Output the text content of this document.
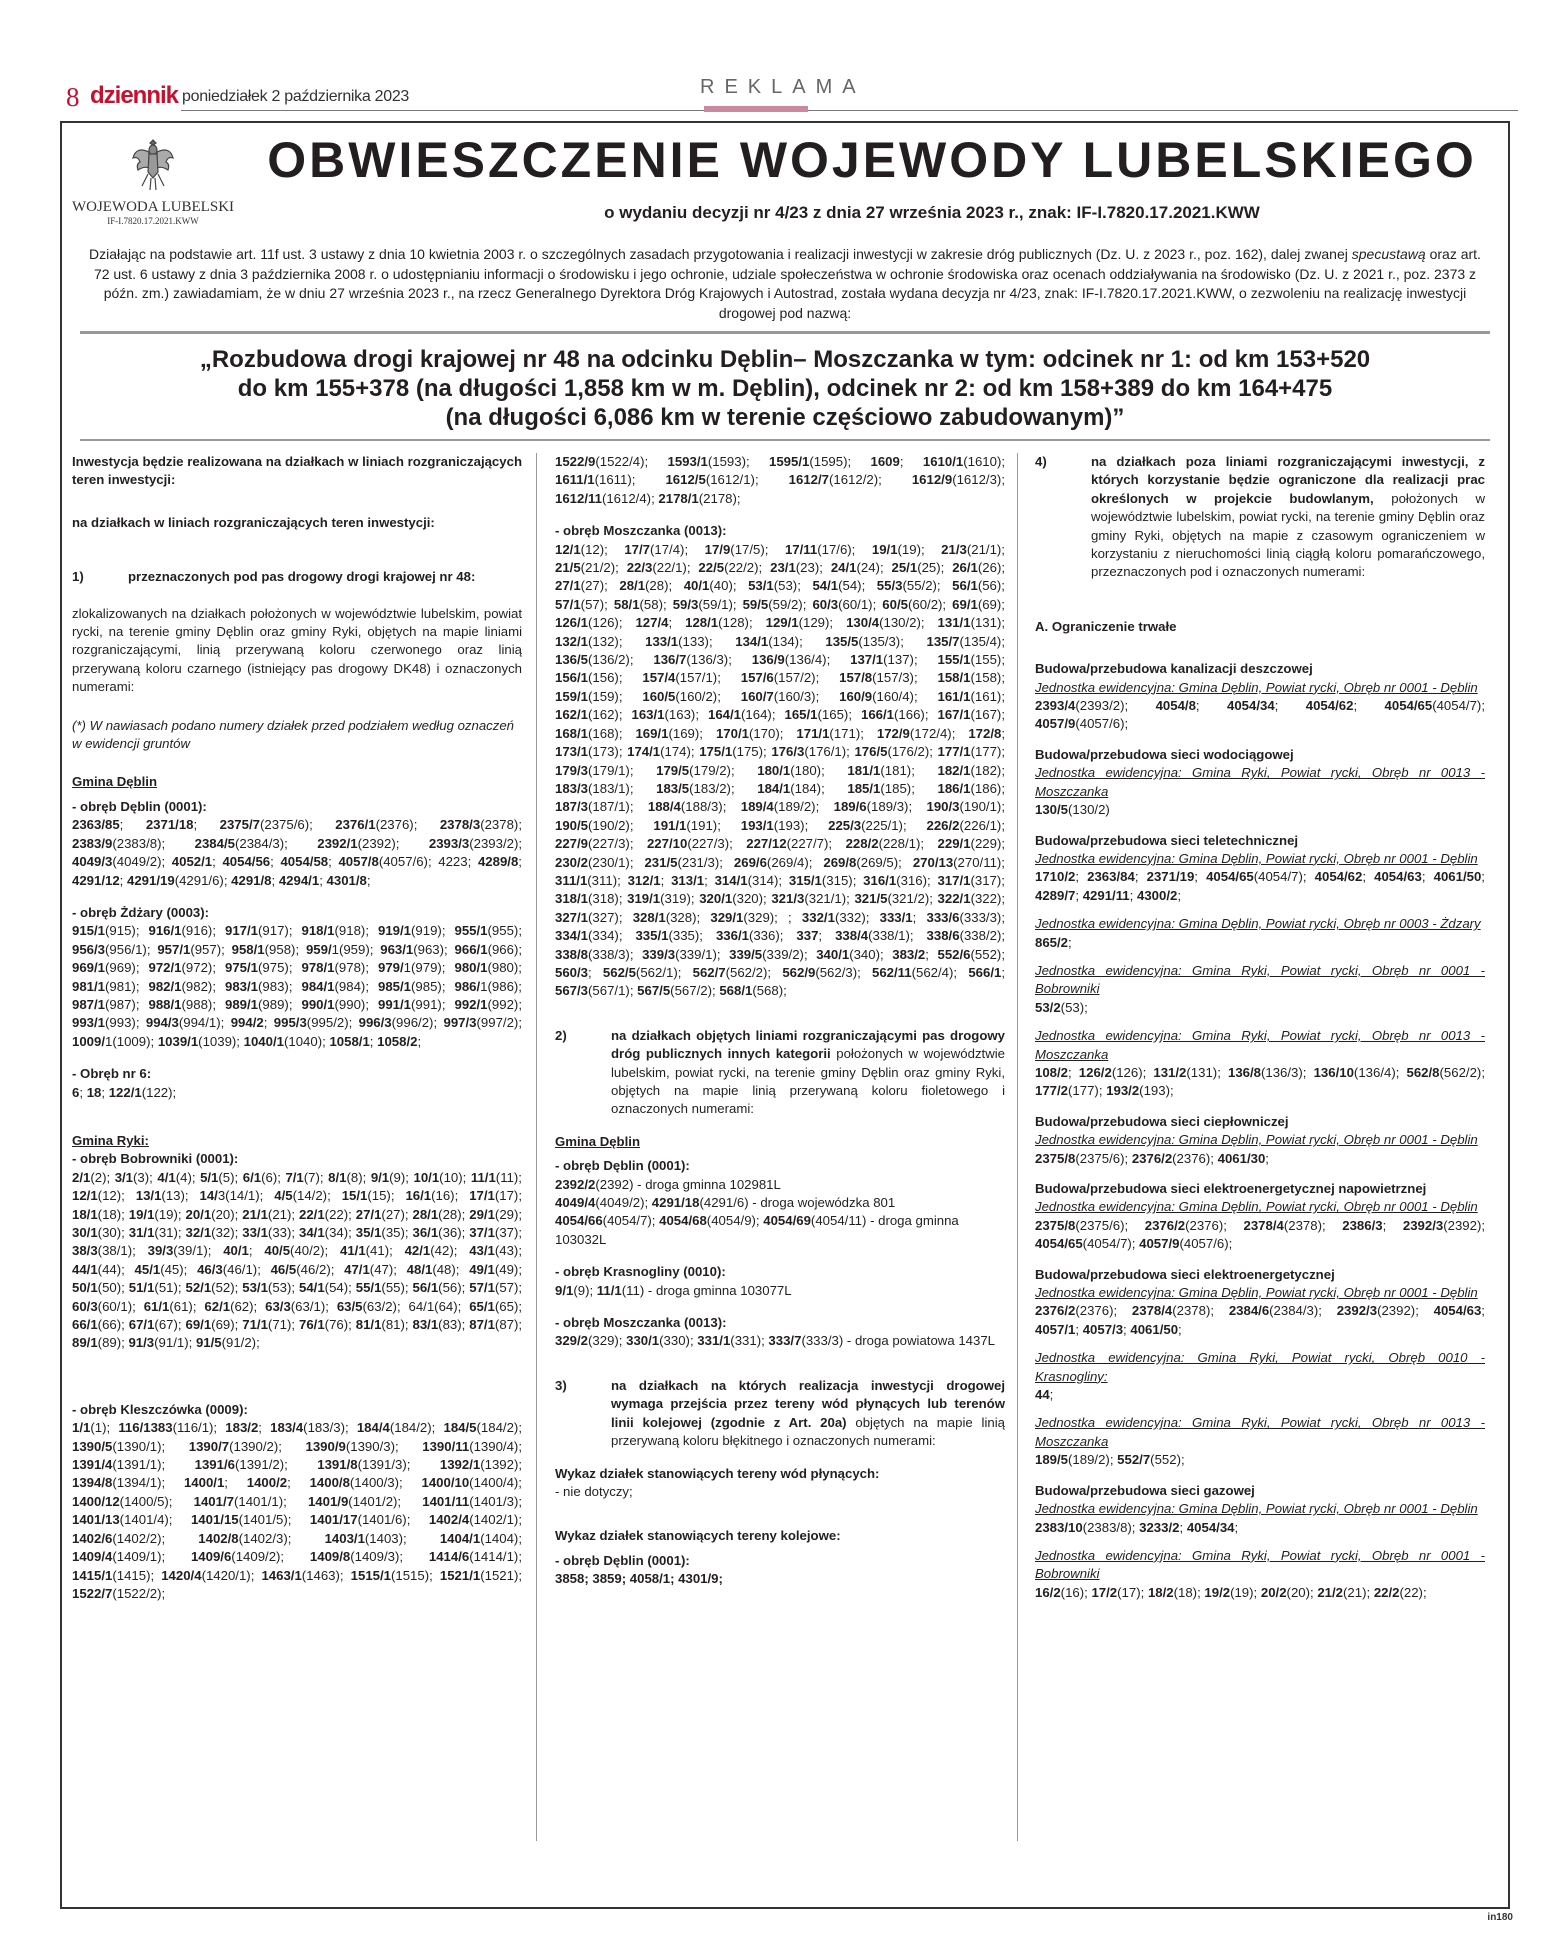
8 dziennik poniedziałek 2 października 2023	REKLAMA
WOJEWODA LUBELSKI
IF-I.7820.17.2021.KWW
OBWIESZCZENIE WOJEWODY LUBELSKIEGO
o wydaniu decyzji nr 4/23 z dnia 27 września 2023 r., znak: IF-I.7820.17.2021.KWW
Działając na podstawie art. 11f ust. 3 ustawy z dnia 10 kwietnia 2003 r. o szczególnych zasadach przygotowania i realizacji inwestycji w zakresie dróg publicznych (Dz. U. z 2023 r., poz. 162), dalej zwanej specustawą oraz art. 72 ust. 6 ustawy z dnia 3 października 2008 r. o udostępnianiu informacji o środowisku i jego ochronie, udziale społeczeństwa w ochronie środowiska oraz ocenach oddziaływania na środowisko (Dz. U. z 2021 r., poz. 2373 z późn. zm.) zawiadamiam, że w dniu 27 września 2023 r., na rzecz Generalnego Dyrektora Dróg Krajowych i Autostrad, została wydana decyzja nr 4/23, znak: IF-I.7820.17.2021.KWW, o zezwoleniu na realizację inwestycji drogowej pod nazwą:
„Rozbudowa drogi krajowej nr 48 na odcinku Dęblin– Moszczanka w tym: odcinek nr 1: od km 153+520
do km 155+378 (na długości 1,858 km w m. Dęblin), odcinek nr 2: od km 158+389 do km 164+475
(na długości 6,086 km w terenie częściowo zabudowanym)”

Inwestycja będzie realizowana na działkach w liniach rozgraniczających teren inwestycji:

na działkach w liniach rozgraniczających teren inwestycji:

1)	przeznaczonych pod pas drogowy drogi krajowej nr 48:

zlokalizowanych na działkach położonych w województwie lubelskim, powiat rycki, na terenie gminy Dęblin oraz gminy Ryki, objętych na mapie liniami rozgraniczającymi, linią przerywaną koloru czerwonego oraz linią przerywaną koloru czarnego (istniejący pas drogowy DK48) i oznaczonych numerami:

(*) W nawiasach podano numery działek przed podziałem według oznaczeń w ewidencji gruntów

Gmina Dęblin

- obręb Dęblin (0001):

2363/85; 2371/18; 2375/7(2375/6); 2376/1(2376); 2378/3(2378); 2383/9(2383/8); 2384/5(2384/3); 2392/1(2392); 2393/3(2393/2); 4049/3(4049/2); 4052/1; 4054/56; 4054/58; 4057/8(4057/6); 4223; 4289/8; 4291/12; 4291/19(4291/6); 4291/8; 4294/1; 4301/8;

- obręb Żdżary (0003):

915/1(915); 916/1(916); 917/1(917); 918/1(918); 919/1(919); 955/1(955); 956/3(956/1); 957/1(957); 958/1(958); 959/1(959); 963/1(963); 966/1(966); 969/1(969); 972/1(972); 975/1(975); 978/1(978); 979/1(979); 980/1(980); 981/1(981); 982/1(982); 983/1(983); 984/1(984); 985/1(985); 986/1(986); 987/1(987); 988/1(988); 989/1(989); 990/1(990); 991/1(991); 992/1(992); 993/1(993); 994/3(994/1); 994/2; 995/3(995/2); 996/3(996/2); 997/3(997/2); 1009/1(1009); 1039/1(1039); 1040/1(1040); 1058/1; 1058/2;

- Obręb nr 6:

6; 18; 122/1(122);

Gmina Ryki:

- obręb Bobrowniki (0001):

2/1(2); 3/1(3); 4/1(4); 5/1(5); 6/1(6); 7/1(7); 8/1(8); 9/1(9); 10/1(10); 11/1(11); 12/1(12); 13/1(13); 14/3(14/1); 4/5(14/2); 15/1(15); 16/1(16); 17/1(17); 18/1(18); 19/1(19); 20/1(20); 21/1(21); 22/1(22); 27/1(27); 28/1(28); 29/1(29); 30/1(30); 31/1(31); 32/1(32); 33/1(33); 34/1(34); 35/1(35); 36/1(36); 37/1(37); 38/3(38/1); 39/3(39/1); 40/1; 40/5(40/2); 41/1(41); 42/1(42); 43/1(43); 44/1(44); 45/1(45); 46/3(46/1); 46/5(46/2); 47/1(47); 48/1(48); 49/1(49); 50/1(50); 51/1(51); 52/1(52); 53/1(53); 54/1(54); 55/1(55); 56/1(56); 57/1(57); 60/3(60/1); 61/1(61); 62/1(62); 63/3(63/1); 63/5(63/2); 64/1(64); 65/1(65); 66/1(66); 67/1(67); 69/1(69); 71/1(71); 76/1(76); 81/1(81); 83/1(83); 87/1(87); 89/1(89); 91/3(91/1); 91/5(91/2);

- obręb Kleszczówka (0009):

1/1(1); 116/1383(116/1); 183/2; 183/4(183/3); 184/4(184/2); 184/5(184/2); 1390/5(1390/1); 1390/7(1390/2); 1390/9(1390/3); 1390/11(1390/4); 1391/4(1391/1); 1391/6(1391/2); 1391/8(1391/3); 1392/1(1392); 1394/8(1394/1); 1400/1; 1400/2; 1400/8(1400/3); 1400/10(1400/4); 1400/12(1400/5); 1401/7(1401/1); 1401/9(1401/2); 1401/11(1401/3); 1401/13(1401/4); 1401/15(1401/5); 1401/17(1401/6); 1402/4(1402/1); 1402/6(1402/2);	1402/8(1402/3);	1403/1(1403);	1404/1(1404); 1409/4(1409/1); 1409/6(1409/2); 1409/8(1409/3); 1414/6(1414/1); 1415/1(1415); 1420/4(1420/1); 1463/1(1463); 1515/1(1515); 1521/1(1521); 1522/7(1522/2);

1522/9(1522/4); 1593/1(1593); 1595/1(1595); 1609; 1610/1(1610); 1611/1(1611); 1612/5(1612/1); 1612/7(1612/2); 1612/9(1612/3); 1612/11(1612/4); 2178/1(2178);

- obręb Moszczanka (0013):

12/1(12); 17/7(17/4); 17/9(17/5); 17/11(17/6); 19/1(19); 21/3(21/1); 21/5(21/2); 22/3(22/1); 22/5(22/2); 23/1(23); 24/1(24); 25/1(25); 26/1(26); 27/1(27); 28/1(28); 40/1(40); 53/1(53); 54/1(54); 55/3(55/2); 56/1(56); 57/1(57); 58/1(58); 59/3(59/1); 59/5(59/2); 60/3(60/1); 60/5(60/2); 69/1(69); 126/1(126); 127/4; 128/1(128); 129/1(129); 130/4(130/2); 131/1(131); 132/1(132); 133/1(133); 134/1(134); 135/5(135/3); 135/7(135/4); 136/5(136/2); 136/7(136/3); 136/9(136/4); 137/1(137); 155/1(155); 156/1(156); 157/4(157/1); 157/6(157/2); 157/8(157/3); 158/1(158); 159/1(159); 160/5(160/2); 160/7(160/3); 160/9(160/4); 161/1(161); 162/1(162); 163/1(163); 164/1(164); 165/1(165); 166/1(166); 167/1(167); 168/1(168); 169/1(169); 170/1(170); 171/1(171); 172/9(172/4); 172/8; 173/1(173); 174/1(174); 175/1(175); 176/3(176/1); 176/5(176/2); 177/1(177); 179/3(179/1); 179/5(179/2); 180/1(180); 181/1(181); 182/1(182); 183/3(183/1); 183/5(183/2); 184/1(184); 185/1(185); 186/1(186); 187/3(187/1); 188/4(188/3); 189/4(189/2); 189/6(189/3); 190/3(190/1); 190/5(190/2); 191/1(191); 193/1(193); 225/3(225/1); 226/2(226/1); 227/9(227/3); 227/10(227/3); 227/12(227/7); 228/2(228/1); 229/1(229); 230/2(230/1); 231/5(231/3); 269/6(269/4); 269/8(269/5); 270/13(270/11); 311/1(311); 312/1; 313/1; 314/1(314); 315/1(315); 316/1(316); 317/1(317); 318/1(318); 319/1(319); 320/1(320); 321/3(321/1); 321/5(321/2); 322/1(322); 327/1(327); 328/1(328); 329/1(329); ; 332/1(332); 333/1; 333/6(333/3); 334/1(334); 335/1(335); 336/1(336); 337; 338/4(338/1); 338/6(338/2); 338/8(338/3); 339/3(339/1); 339/5(339/2); 340/1(340); 383/2; 552/6(552); 560/3; 562/5(562/1); 562/7(562/2); 562/9(562/3); 562/11(562/4); 566/1; 567/3(567/1); 567/5(567/2); 568/1(568);

2)	na działkach objętych liniami rozgraniczającymi pas drogowy dróg publicznych innych kategorii położonych w województwie lubelskim, powiat rycki, na terenie gminy Dęblin oraz gminy Ryki, objętych na mapie linią przerywaną koloru fioletowego i oznaczonych numerami:

Gmina Dęblin

- obręb Dęblin (0001):

2392/2(2392) - droga gminna 102981L
4049/4(4049/2); 4291/18(4291/6) - droga wojewódzka 801
4054/66(4054/7); 4054/68(4054/9); 4054/69(4054/11) - droga gminna 103032L

- obręb Krasnogliny (0010):

9/1(9); 11/1(11) - droga gminna 103077L

- obręb Moszczanka (0013):

329/2(329); 330/1(330); 331/1(331); 333/7(333/3) - droga powiatowa 1437L
3)	na działkach na których realizacja inwestycji drogowej wymaga przejścia przez tereny wód płynących lub terenów linii kolejowej (zgodnie z Art. 20a) objętych na mapie linią przerywaną koloru błękitnego i oznaczonych numerami:

Wykaz działek stanowiących tereny wód płynących:

- nie dotyczy;

Wykaz działek stanowiących tereny kolejowe:

- obręb Dęblin (0001):

3858; 3859; 4058/1; 4301/9;

4)	na działkach poza liniami rozgraniczającymi inwestycji, z których korzystanie będzie ograniczone dla realizacji prac określonych w projekcie budowlanym, położonych w województwie lubelskim, powiat rycki, na terenie gminy Dęblin oraz gminy Ryki, objętych na mapie z czasowym ograniczeniem w korzystaniu z nieruchomości linią ciągłą koloru pomarańczowego, przeznaczonych pod i oznaczonych numerami:

A. Ograniczenie trwałe

Budowa/przebudowa kanalizacji deszczowej

Jednostka ewidencyjna: Gmina Dęblin, Powiat rycki, Obręb nr 0001 - Dęblin

2393/4(2393/2); 4054/8; 4054/34; 4054/62; 4054/65(4054/7); 4057/9(4057/6);

Budowa/przebudowa sieci wodociągowej

Jednostka ewidencyjna: Gmina Ryki, Powiat rycki, Obręb nr 0013 - Moszczanka

130/5(130/2)

Budowa/przebudowa sieci teletechnicznej

Jednostka ewidencyjna: Gmina Dęblin, Powiat rycki, Obręb nr 0001 - Dęblin

1710/2; 2363/84; 2371/19; 4054/65(4054/7); 4054/62; 4054/63; 4061/50; 4289/7; 4291/11; 4300/2;

Jednostka ewidencyjna: Gmina Dęblin, Powiat rycki, Obręb nr 0003 - Żdzary

865/2;

Jednostka ewidencyjna: Gmina Ryki, Powiat rycki, Obręb nr 0001 - Bobrowniki

53/2(53);

Jednostka ewidencyjna: Gmina Ryki, Powiat rycki, Obręb nr 0013 - Moszczanka

108/2; 126/2(126); 131/2(131); 136/8(136/3); 136/10(136/4); 562/8(562/2); 177/2(177); 193/2(193);

Budowa/przebudowa sieci ciepłowniczej

Jednostka ewidencyjna: Gmina Dęblin, Powiat rycki, Obręb nr 0001 - Dęblin

2375/8(2375/6); 2376/2(2376); 4061/30;

Budowa/przebudowa sieci elektroenergetycznej napowietrznej

Jednostka ewidencyjna: Gmina Dęblin, Powiat rycki, Obręb nr 0001 - Dęblin

2375/8(2375/6); 2376/2(2376); 2378/4(2378); 2386/3; 2392/3(2392); 4054/65(4054/7); 4057/9(4057/6);

Budowa/przebudowa sieci elektroenergetycznej

Jednostka ewidencyjna: Gmina Dęblin, Powiat rycki, Obręb nr 0001 - Dęblin

2376/2(2376); 2378/4(2378); 2384/6(2384/3); 2392/3(2392); 4054/63; 4057/1; 4057/3; 4061/50;

Jednostka ewidencyjna: Gmina Ryki, Powiat rycki, Obręb 0010 - Krasnogliny:

44;

Jednostka ewidencyjna: Gmina Ryki, Powiat rycki, Obręb nr 0013 - Moszczanka

189/5(189/2); 552/7(552);

Budowa/przebudowa sieci gazowej

Jednostka ewidencyjna: Gmina Dęblin, Powiat rycki, Obręb nr 0001 - Dęblin

2383/10(2383/8); 3233/2; 4054/34;

Jednostka ewidencyjna: Gmina Ryki, Powiat rycki, Obręb nr 0001 - Bobrowniki

16/2(16); 17/2(17); 18/2(18); 19/2(19); 20/2(20); 21/2(21); 22/2(22);

in180
